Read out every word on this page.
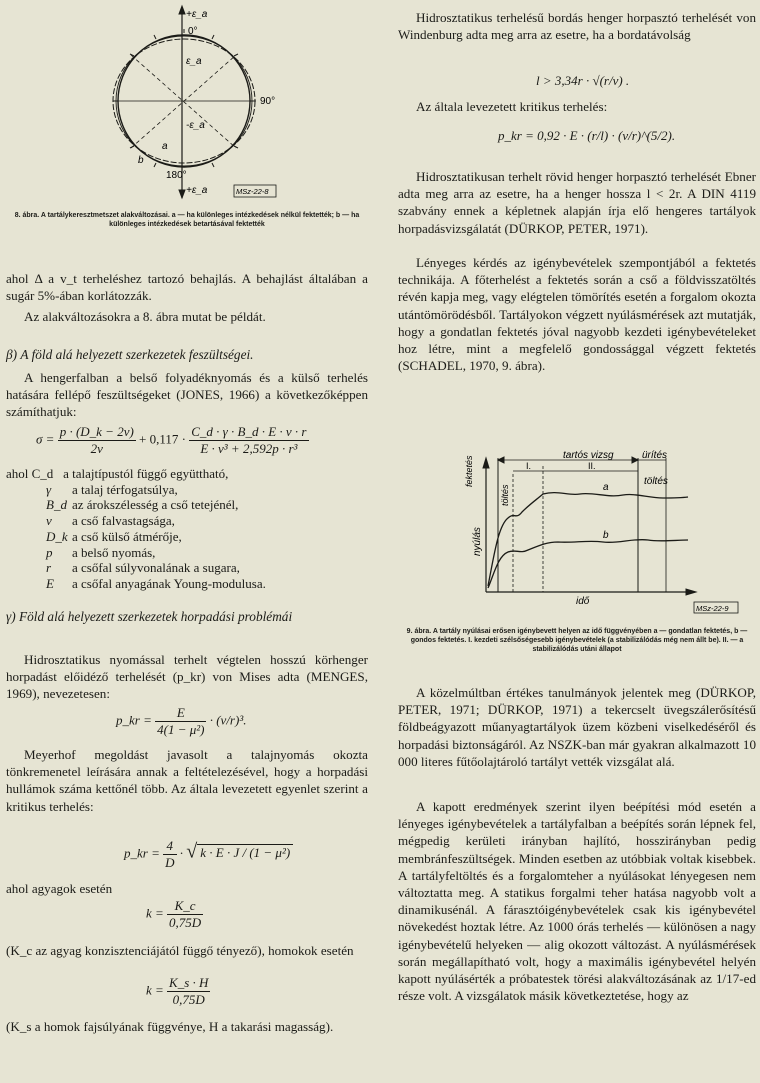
+ε_a
0°
ε_a
90°
-ε_a
a
b
180°
+ε_a	MSz-22-8
8. ábra. A tartálykeresztmetszet alakváltozásai. a — ha különleges intézkedések nélkül fektették; b — ha különleges intézkedések betartásával fektették

ahol Δ a v_t terheléshez tartozó behajlás. A behajlást általában a sugár 5%-ában korlátozzák.

Az alakváltozásokra a 8. ábra mutat be példát.

β) A föld alá helyezett szerkezetek feszültségei.

A hengerfalban a belső folyadéknyomás és a külső terhelés hatására fellépő feszültségeket (JONES, 1966) a következőképpen számíthatjuk:

$\sigma = \frac{p \cdot (D\_k - 2v)}{2v} + 0,117 \cdot \frac{C\_d \cdot \gamma \cdot B\_d \cdot E \cdot v \cdot r}{\text{E · v³ + 2,592p · r³}}$
ahol C_d a talajtípustól függő együttható,
γ a talaj térfogatsúlya,
B_d az árokszélesség a cső tetejénél,
v a cső falvastagsága,
D_k a cső külső átmérője,
p a belső nyomás,
r a csőfal súlyvonalának a sugara,
E a csőfal anyagának Young-modulusa.
γ) Föld alá helyezett szerkezetek horpadási problémái

Hidrosztatikus nyomással terhelt végtelen hosszú körhenger horpadást előidéző terhelését (p_kr) von Mises adta (MENGES, 1969), nevezetesen:

p_kr = $\frac{E}{\text{4(1 − μ²)}} \cdot (v/r)^3$.

Meyerhof megoldást javasolt a talajnyomás okozta tönkremenetel leírására annak a feltételezésével, hogy a horpadási hullámok száma kettőnél több. Az általa levezetett egyenlet szerint a kritikus terhelés:

p_kr = $\frac{4}{D}$ · √ k · E · J / (1 − μ²)

ahol agyagok esetén

$k = \frac{K\_c}{0,75D}$

(K_c az agyag konzisztenciájától függő tényező), homokok esetén

$k = \frac{K\_s \cdot H}{0,75D}$

(K_s a homok fajsúlyának függvénye, H a takarási magasság).

Hidrosztatikus terhelésű bordás henger horpasztó terhelését von Windenburg adta meg arra az esetre, ha a bordatávolság

l > 3,34r · √(r/v) .

Az általa levezetett kritikus terhelés:

p_kr = 0,92 · E · (r/l) · (v/r)^(5/2).

Hidrosztatikusan terhelt rövid henger horpasztó terhelését Ebner adta meg arra az esetre, ha a henger hossza l < 2r. A DIN 4119 szabvány ennek a képletnek alapján írja elő hengeres tartályok horpadásvizsgálatát (DÜRKOP, PETER, 1971).

Lényeges kérdés az igénybevételek szempontjából a fektetés technikája. A főterhelést a fektetés során a cső a földvisszatöltés révén kapja meg, vagy elégtelen tömörítés esetén a forgalom okozta utántömörödésből. Tartályokon végzett nyúlásmérések azt mutatják, hogy a gondatlan fektetés jóval nagyobb kezdeti igénybevételeket hoz létre, mint a megfelelő gondossággal végzett fektetés (SCHADEL, 1970, 9. ábra).

fektetés	tartós vizsg	ürítés
töltés
töltés
I.	II.
nyúlás
a
b
idő
MSz-22-9
9. ábra. A tartály nyúlásai erősen igénybevett helyen az idő függvényében a — gondatlan fektetés, b — gondos fektetés. I. kezdeti szélsőségesebb igénybevételek (a stabilizálódás még nem állt be). II. — a stabilizálódás utáni állapot

A közelmúltban értékes tanulmányok jelentek meg (DÜRKOP, PETER, 1971; DÜRKOP, 1971) a tekercselt üvegszálerősítésű földbeágyazott műanyagtartályok üzem közbeni viselkedéséről és horpadási biztonságáról. Az NSZK-ban már gyakran alkalmazott 10 000 literes fűtőolajtároló tartályt vették vizsgálat alá.

A kapott eredmények szerint ilyen beépítési mód esetén a lényeges igénybevételek a tartályfalban a beépítés során lépnek fel, mégpedig kerületi irányban hajlító, hosszirányban pedig membránfeszültségek. Minden esetben az utóbbiak voltak kisebbek. A tartályfeltöltés és a forgalomteher a nyúlásokat lényegesen nem változtatta meg. A statikus forgalmi teher hatása nagyobb volt a dinamikusénál. A fárasztóigénybevételek csak kis igénybevétel növekedést hoztak létre. Az 1000 órás terhelés — különösen a nagy igénybevételű helyeken — alig okozott változást. A nyúlásmérések során megállapítható volt, hogy a maximális igénybevétel helyén kapott nyúlásérték a próbatestek törési alakváltozásának az 1/17-ed része volt. A vizsgálatok másik következtetése, hogy az
